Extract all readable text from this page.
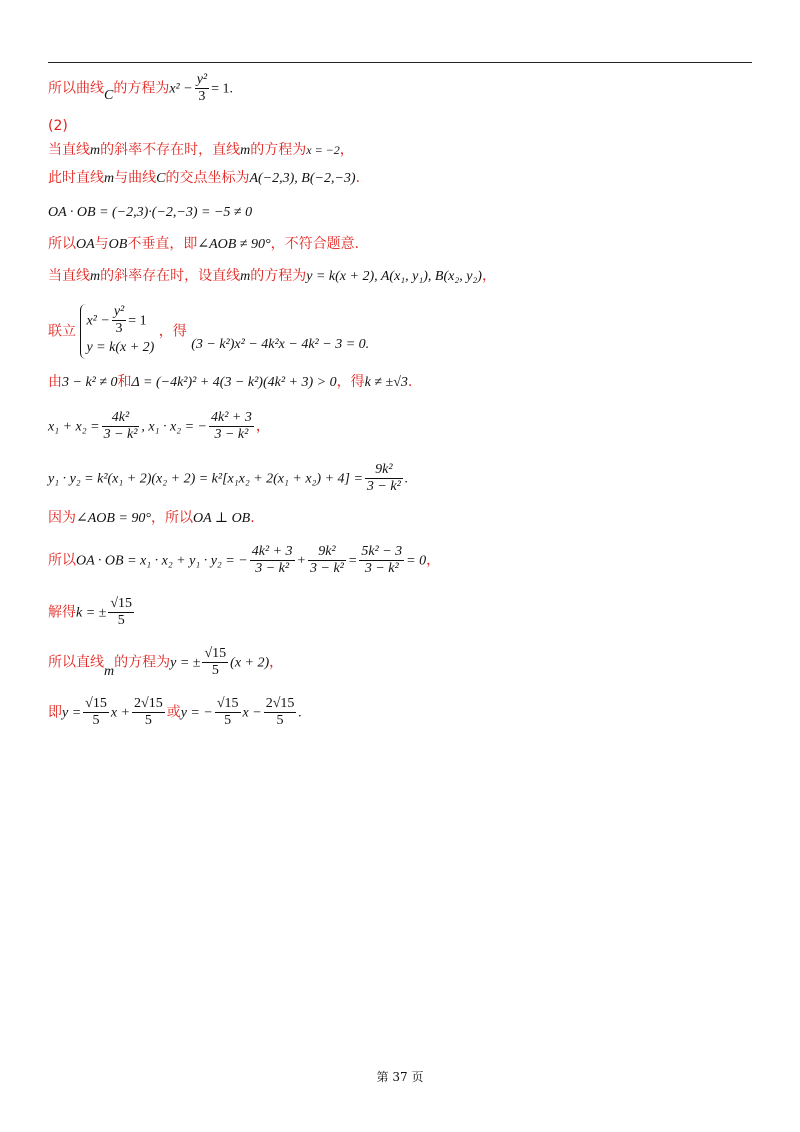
所以曲线C的方程为$x^2 - \frac{\text{y²}}{3} = 1$.
(2)
当直线m的斜率不存在时，直线m的方程为x = −2，
此时直线m与曲线C的交点坐标为A(−2,3), B(−2,−3).
OA · OB = (−2,3)·(−2,−3) = −5 ≠ 0
所以OA与OB不垂直，即∠AOB ≠ 90°，不符合题意.
当直线m的斜率存在时，设直线m的方程为y = k(x + 2), A(x₁, y₁), B(x₂, y₂)，
联立
$x^2 - \frac{\text{y²}}{3} = 1$
y = k(x + 2)
，得 (3 − k²)x² − 4k²x − 4k² − 3 = 0.
由3 − k² ≠ 0和Δ = (−4k²)² + 4(3 − k²)(4k² + 3) > 0，得k ≠ ±√3.
$x_1 + x_2 = \frac{\text{4k²}}{\text{3 − k²}}$ , x₁ · x₂ = − $\frac{\text{4k² + 3}}{\text{3 − k²}}$ ，
$y_1 \cdot y_2 = k^2(x_1 + 2)(x_2 + 2) = k^2[x_1x_2 + 2(x_1 + x_2) + 4] = \frac{\text{9k²}}{\text{3 − k²}}$ .
因为∠AOB = 90°，所以OA ⊥ OB.
所以OA · OB = x₁ · x₂ + y₁ · y₂ = − $\frac{\text{4k² + 3}}{\text{3 − k²}} + \frac{\text{9k²}}{\text{3 − k²}} = \frac{\text{5k² − 3}}{\text{3 − k²}} = 0$，
解得k = ± $\frac{√15}{5}$
所以直线m的方程为y = ± $\frac{√15}{5} (x + 2)$，
即$y = \frac{√15}{5}$ $x + \frac{2√15}{5}$ 或y = − $\frac{√15}{5}$ $x - \frac{2√15}{5}$ .
第 37 页
